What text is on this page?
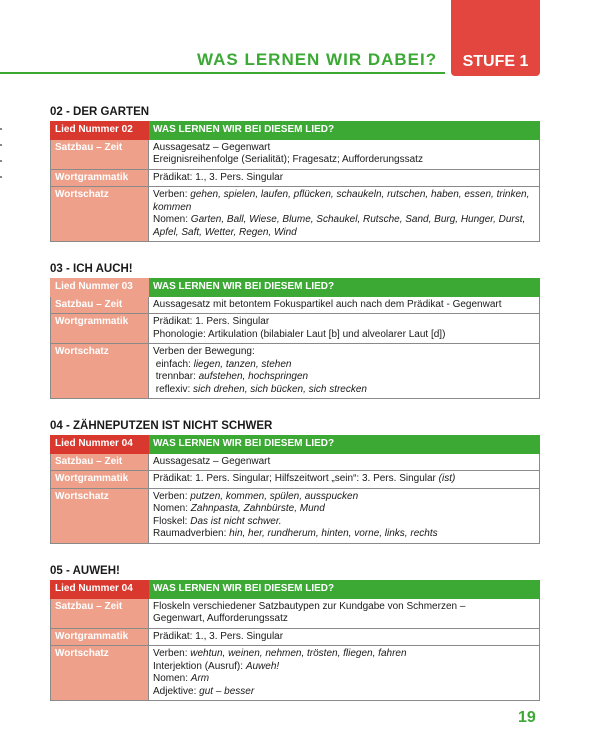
WAS LERNEN WIR DABEI?	STUFE 1
02 - DER GARTEN
Lied Nummer 02	WAS LERNEN WIR BEI DIESEM LIED?
Satzbau – Zeit	Aussagesatz – Gegenwart
Ereignisreihenfolge (Serialität); Fragesatz; Aufforderungssatz

Wortgrammatik	Prädikat: 1., 3. Pers. Singular

Wortschatz	Verben: gehen, spielen, laufen, pflücken, schaukeln, rutschen, haben, essen, trinken, kommen
Nomen: Garten, Ball, Wiese, Blume, Schaukel, Rutsche, Sand, Burg, Hunger, Durst, Apfel, Saft, Wetter, Regen, Wind
03 - ICH AUCH!
Lied Nummer 03	WAS LERNEN WIR BEI DIESEM LIED?
Satzbau – Zeit	Aussagesatz mit betontem Fokuspartikel auch nach dem Prädikat - Gegenwart

Wortgrammatik	Prädikat: 1. Pers. Singular
Phonologie: Artikulation (bilabialer Laut [b] und alveolarer Laut [d])

Wortschatz	Verben der Bewegung:
einfach: liegen, tanzen, stehen
trennbar: aufstehen, hochspringen
reflexiv: sich drehen, sich bücken, sich strecken
04 - ZÄHNEPUTZEN IST NICHT SCHWER
Lied Nummer 04	WAS LERNEN WIR BEI DIESEM LIED?
Satzbau – Zeit	Aussagesatz – Gegenwart

Wortgrammatik	Prädikat: 1. Pers. Singular; Hilfszeitwort „sein“: 3. Pers. Singular (ist)

Wortschatz	Verben: putzen, kommen, spülen, ausspucken
Nomen: Zahnpasta, Zahnbürste, Mund
Floskel: Das ist nicht schwer.
Raumadverbien: hin, her, rundherum, hinten, vorne, links, rechts
05 - AUWEH!
Lied Nummer 04	WAS LERNEN WIR BEI DIESEM LIED?
Satzbau – Zeit	Floskeln verschiedener Satzbautypen zur Kundgabe von Schmerzen –
Gegenwart, Aufforderungssatz

Wortgrammatik	Prädikat: 1., 3. Pers. Singular

Wortschatz	Verben: wehtun, weinen, nehmen, trösten, fliegen, fahren
Interjektion (Ausruf): Auweh!
Nomen: Arm
Adjektive: gut – besser
19
